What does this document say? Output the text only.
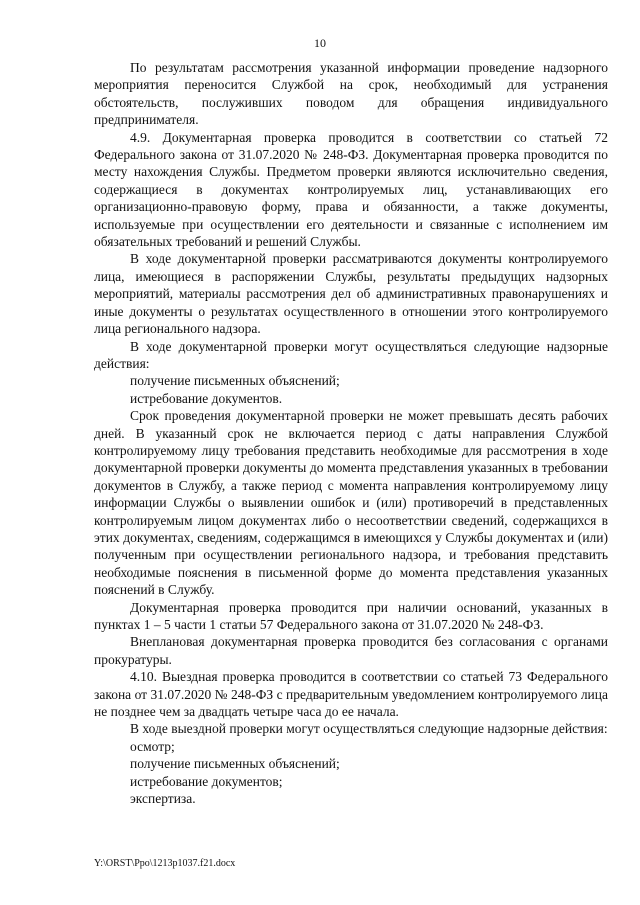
10

По результатам рассмотрения указанной информации проведение надзорного мероприятия переносится Службой на срок, необходимый для устранения обстоятельств, послуживших поводом для обращения индивидуального предпринимателя.

4.9. Документарная проверка проводится в соответствии со статьей 72 Федерального закона от 31.07.2020 № 248-ФЗ. Документарная проверка проводится по месту нахождения Службы. Предметом проверки являются исключительно сведения, содержащиеся в документах контролируемых лиц, устанавливающих его организационно-правовую форму, права и обязанности, а также документы, используемые при осуществлении его деятельности и связанные с исполнением им обязательных требований и решений Службы.

В ходе документарной проверки рассматриваются документы контролируемого лица, имеющиеся в распоряжении Службы, результаты предыдущих надзорных мероприятий, материалы рассмотрения дел об административных правонарушениях и иные документы о результатах осуществленного в отношении этого контролируемого лица регионального надзора.

В ходе документарной проверки могут осуществляться следующие надзорные действия:

получение письменных объяснений;

истребование документов.

Срок проведения документарной проверки не может превышать десять рабочих дней. В указанный срок не включается период с даты направления Службой контролируемому лицу требования представить необходимые для рассмотрения в ходе документарной проверки документы до момента представления указанных в требовании документов в Службу, а также период с момента направления контролируемому лицу информации Службы о выявлении ошибок и (или) противоречий в представленных контролируемым лицом документах либо о несоответствии сведений, содержащихся в этих документах, сведениям, содержащимся в имеющихся у Службы документах и (или) полученным при осуществлении регионального надзора, и требования представить необходимые пояснения в письменной форме до момента представления указанных пояснений в Службу.

Документарная проверка проводится при наличии оснований, указанных в пунктах 1 – 5 части 1 статьи 57 Федерального закона от 31.07.2020 № 248-ФЗ.

Внеплановая документарная проверка проводится без согласования с органами прокуратуры.

4.10. Выездная проверка проводится в соответствии со статьей 73 Федерального закона от 31.07.2020 № 248-ФЗ с предварительным уведомлением контролируемого лица не позднее чем за двадцать четыре часа до ее начала.

В ходе выездной проверки могут осуществляться следующие надзорные действия:

осмотр;

получение письменных объяснений;

истребование документов;

экспертиза.

Y:\ORST\Ppo\1213p1037.f21.docx
